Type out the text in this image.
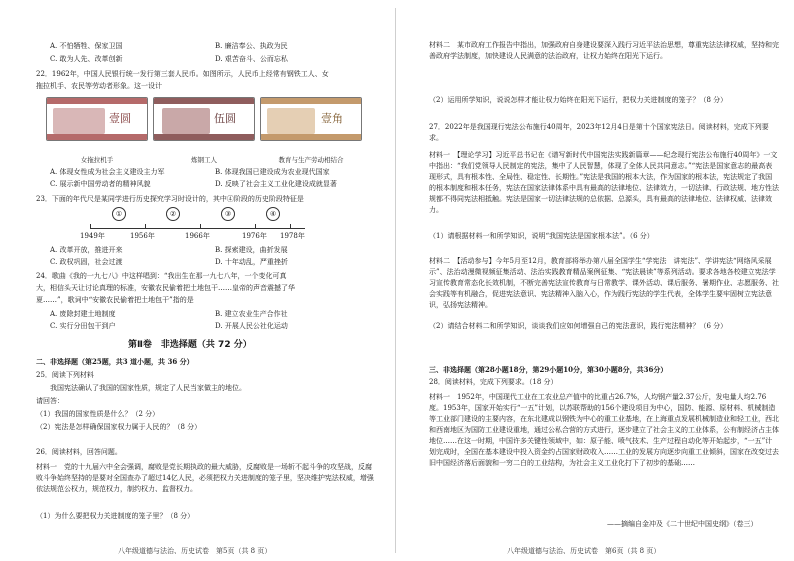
A. 不怕牺牲、保家卫国	B. 廉洁奉公、执政为民
C. 敢为人先、改革创新	D. 艰苦奋斗、公而忘私
22．1962年，中国人民银行统一发行第三套人民币。如图所示，人民币上经常有钢铁工人、女
拖拉机手、农民等劳动者形象。这一设计
壹圆	伍圆	壹角
女拖拉机手	炼钢工人	教育与生产劳动相结合
A. 体现女性成为社会主义建设主力军	B. 体现我国已建设成为农业现代国家
C. 展示新中国劳动者的精神风貌	D. 反映了社会主义工业化建设成就显著
23．下面的年代尺是某同学进行历史探究学习时设计的，其中④阶段的历史阶段特征是
①	②	③	④
1949年	1956年	1966年	1976年 1978年
A. 改革开放，推进开来	B. 探索建设，曲折发展
C. 政权巩固，社会过渡	D. 十年动乱，严重挫折
24．歌曲《我的一九七八》中这样唱到：“我出生在那一九七八年，一个变化可真
大，相信头天让讨论真理的标准，安徽农民偷着把土地包干……皇帝的声音震撼了华
夏……”，歌词中“安徽农民偷着把土地包干”指的是
A. 废除封建土地制度	B. 建立农业生产合作社
C. 实行分田包干到户	D. 开展人民公社化运动
第Ⅱ卷　非选择题（共 72 分）
二、非选择题（第25题，共3 道小题，共 36 分）
25．阅读下列材料
　　我国宪法确认了我国的国家性质，规定了人民当家做主的地位。
请回答：
（1）我国的国家性质是什么？（2 分）
（2）宪法是怎样确保国家权力属于人民的？（8 分）
26．阅读材料，回答问题。
材料一　党的十九届六中全会强调，腐败是党长期执政的最大威胁，反腐败是一场斩不起斗争的攻坚战，反腐败斗争始终坚持的是要对全国查办了超过14亿人民，必须把权力关进制度的笼子里，坚决维护宪法权威，增强依法规范公权力，规范权力，制约权力、监督权力。
（1）为什么要把权力关进制度的笼子里？（8 分）
八年级道德与法治、历史试卷　第5页（共 8 页）
材料二　某市政府工作报告中指出，加强政府自身建设要深入践行习近平法治思想，尊重宪法法律权威，坚持和完善政府学法制度，加快建设人民满意的法治政府，让权力始终在阳光下运行。
（2）运用所学知识，说说怎样才能让权力始终在阳光下运行，把权力关进制度的笼子？（8 分）
27．2022年是我国现行宪法公布施行40周年，2023年12月4日是第十个国家宪法日。阅读材料，完成下列要求。
材料一　【理论学习】习近平总书记在《谱写新时代中国宪法实践新篇章——纪念现行宪法公布施行40周年》一文中指出：“我们党领导人民制定的宪法，集中了人民智慧，体现了全体人民共同意志。”“宪法是国家意志的最高表现形式，具有根本性、全局性、稳定性、长期性。”宪法是我国的根本大法，作为国家的根本法，宪法规定了我国的根本制度和根本任务，宪法在国家法律体系中具有最高的法律地位、法律效力，一切法律、行政法规、地方性法规都不得同宪法相抵触。宪法是国家一切法律法规的总依据、总源头，具有最高的法律地位、法律权威、法律效力。
（1）请根据材料一和所学知识，说明“我国宪法是国家根本法”。（6 分）
材料二　【活动参与】今年5月至12月，教育部将举办第八届全国学生“学宪法　讲宪法”、学讲宪法“网络风采展示”、法治动漫微视频征集活动、法治实践教育精品案例征集、“宪法晨读”等系列活动。要求各地各校建立宪法学习宣传教育常态化长效机制，不断完善宪法宣传教育与日常教学、课外活动、课后服务、暑期作业、志愿服务、社会实践等有机融合，促进宪法意识、宪法精神入脑入心，作为践行宪法的学生代表，全体学生要牢固树立宪法意识，弘扬宪法精神。
（2）请结合材料二和所学知识，谈谈我们应如何增强自己的宪法意识，践行宪法精神？（6 分）
三、非选择题（第28小题18分，第29小题10分，第30小题8分，共36分）
28．阅读材料，完成下列要求。（18 分）
材料一　1952年，中国现代工业在工农业总产值中的比重占26.7%，人均钢产量2.37公斤，发电量人均2.76度。1953年，国家开始实行“一五”计划，以苏联帮助的156个建设项目为中心，国防、能源、原材料、机械制造等工业部门建设的主要内容，在东北建成以钢铁为中心的重工业基地，在上海重点发展机械制造业和轻工业，西北和西南地区为国防工业建设重地，通过公私合营的方式进行，逐步建立了社会主义的工业体系，公有制经济占主体地位……在这一时期，中国许多关键性领域中，如：原子能、喷气技术、生产过程自动化等开始起步，“一五”计划完成时，全国在基本建设中投入资金约占国家财政收入……工业的发展方向逐步向重工业倾斜，国家在改变过去旧中国经济落后面貌和一穷二白的工业结构，为社会主义工业化打下了初步的基础……
——摘编自金冲及《二十世纪中国史纲》（卷三）
八年级道德与法治、历史试卷　第6页（共 8 页）
